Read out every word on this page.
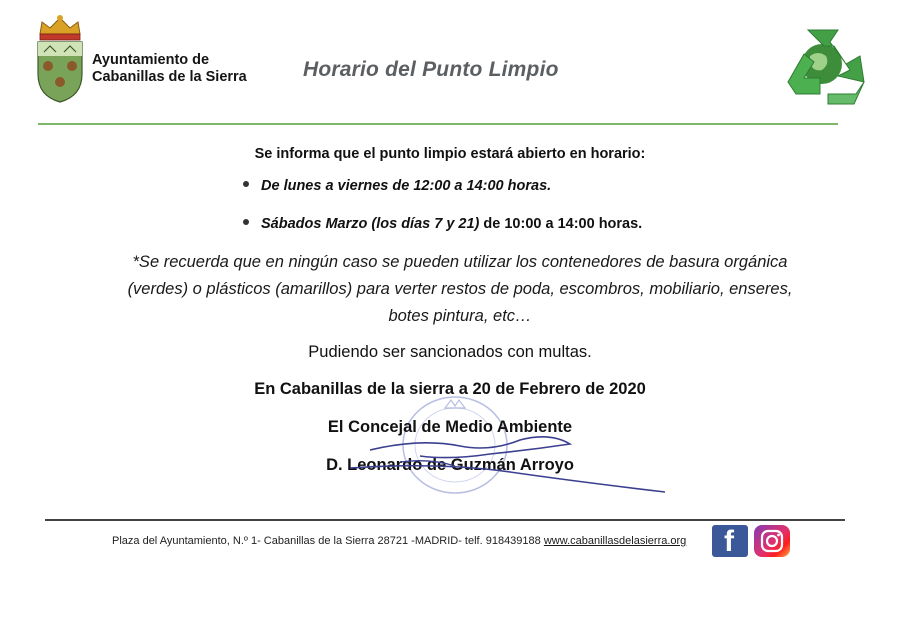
Ayuntamiento de
Cabanillas de la Sierra	Horario del Punto Limpio
Se informa que el punto limpio estará abierto en horario:
De lunes a viernes de 12:00 a 14:00 horas.
Sábados Marzo (los días 7 y 21) de 10:00 a 14:00 horas.
*Se recuerda que en ningún caso se pueden utilizar los contenedores de basura orgánica
(verdes) o plásticos (amarillos) para verter restos de poda, escombros, mobiliario, enseres,
botes pintura, etc…
Pudiendo ser sancionados con multas.
En Cabanillas de la sierra a 20 de Febrero de 2020
El Concejal de Medio Ambiente
D. Leonardo de Guzmán Arroyo
Plaza del Ayuntamiento, N.º 1- Cabanillas de la Sierra 28721 -MADRID- telf. 918439188 www.cabanillasdelasierra.org f
